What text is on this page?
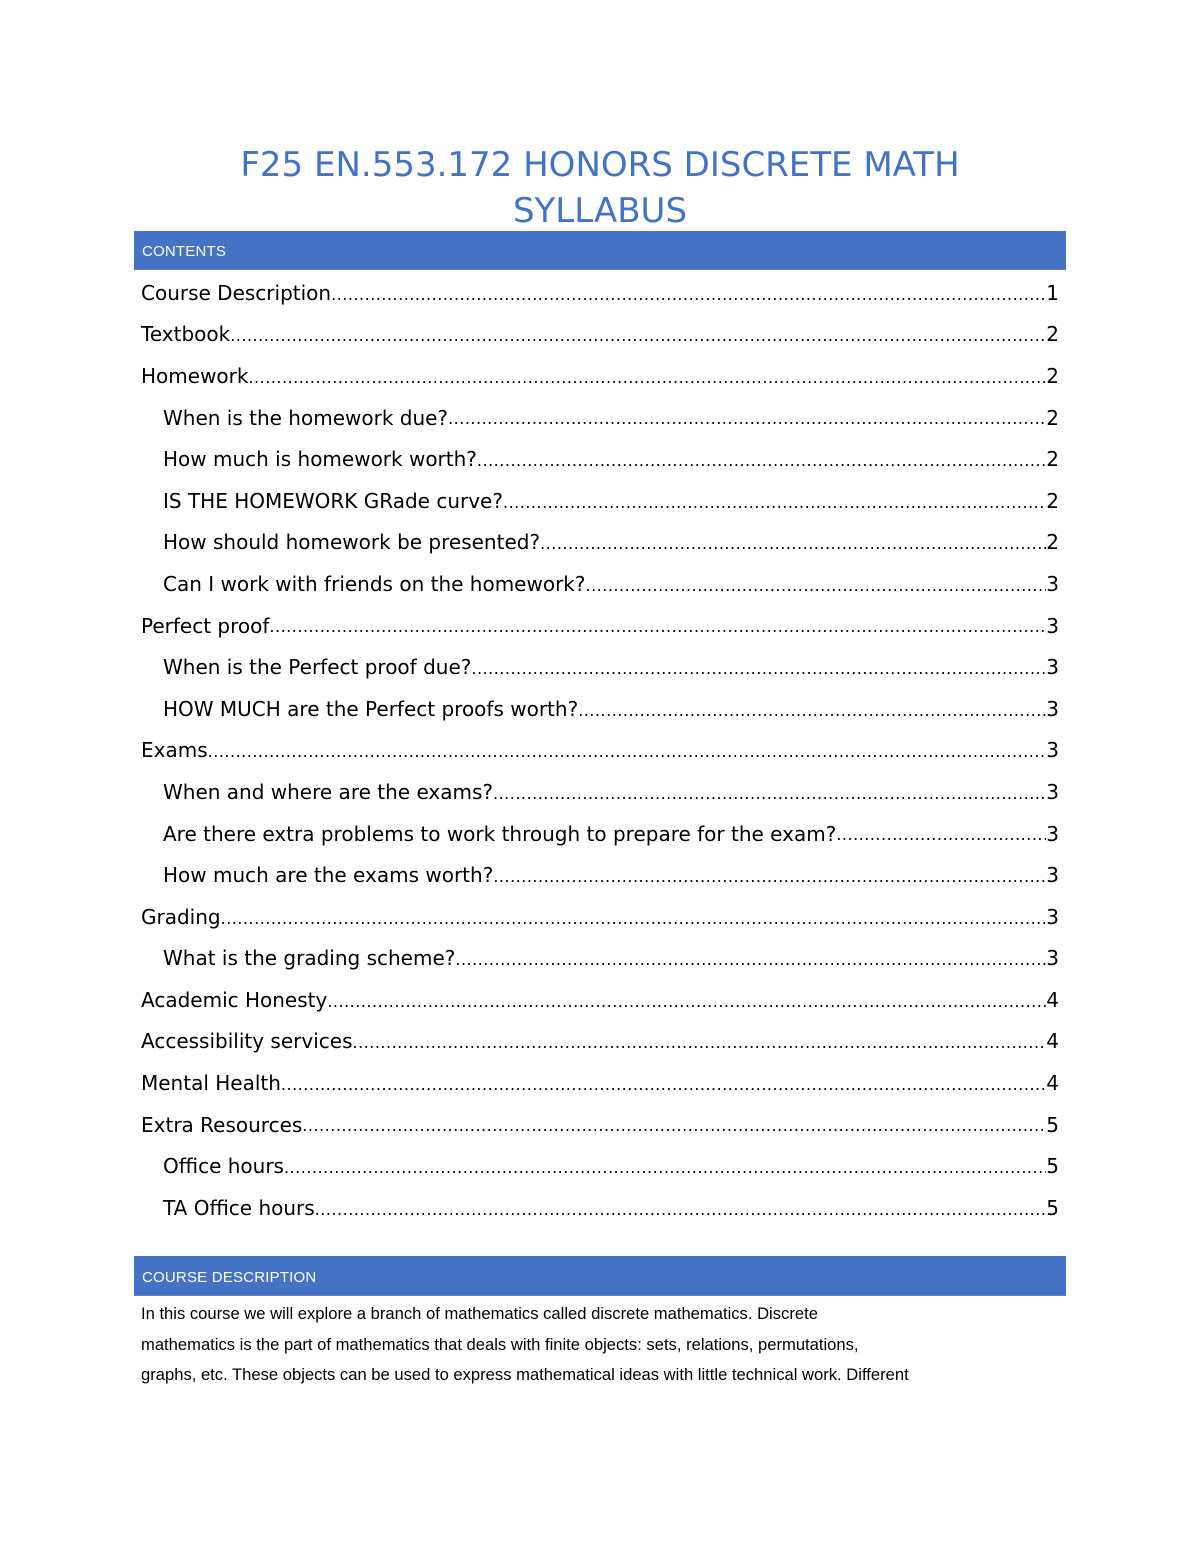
F25 EN.553.172 HONORS DISCRETE MATH
SYLLABUS
CONTENTS
Course Description .....	1
Textbook .....	2
Homework .....	2
When is the homework due? .....	2
How much is homework worth? .....	2
IS THE HOMEWORK GRade curve? .....	2
How should homework be presented? .....	2
Can I work with friends on the homework? .....	3
Perfect proof .....	3
When is the Perfect proof due? .....	3
HOW MUCH are the Perfect proofs worth? .....	3
Exams .....	3
When and where are the exams? .....	3
Are there extra problems to work through to prepare for the exam? .....	3
How much are the exams worth? .....	3
Grading .....	3
What is the grading scheme? .....	3
Academic Honesty .....	4
Accessibility services .....	4
Mental Health .....	4
Extra Resources .....	5
Office hours .....	5
TA Office hours .....	5
COURSE DESCRIPTION

In this course we will explore a branch of mathematics called discrete mathematics. Discrete
mathematics is the part of mathematics that deals with finite objects: sets, relations, permutations,
graphs, etc. These objects can be used to express mathematical ideas with little technical work. Different
